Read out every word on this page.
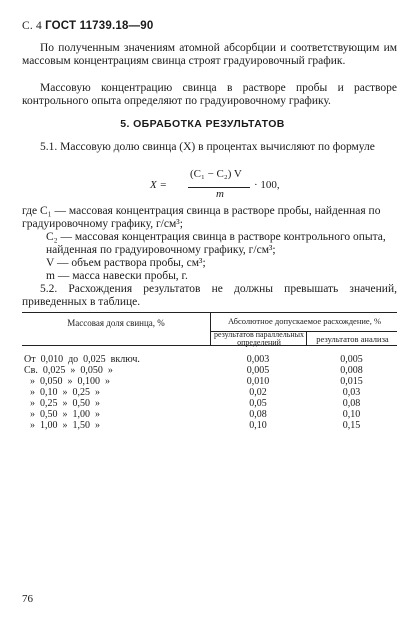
С. 4 ГОСТ 11739.18—90
По полученным значениям атомной абсорбции и соответствующим им массовым концентрациям свинца строят градуировочный график.
Массовую концентрацию свинца в растворе пробы и растворе контрольного опыта определяют по градуировочному графику.
5. ОБРАБОТКА РЕЗУЛЬТАТОВ
5.1. Массовую долю свинца (X) в процентах вычисляют по формуле
X =
(C₁ − C₂) V
m
· 100,
где C₁ — массовая концентрация свинца в растворе пробы, найденная по градуировочному графику, г/см³;
C₂ — массовая концентрация свинца в растворе контрольного опыта, найденная по градуировочному графику, г/см³;
V — объем раствора пробы, см³;
m — масса навески пробы, г.
5.2. Расхождения результатов не должны превышать значений, приведенных в таблице.
Массовая доля свинца, %	Абсолютное допускаемое расхождение, %
результатов параллельных определений	результатов анализа
От  0,010  до  0,025  включ.	0,003	0,005
Св.  0,025  »  0,050  »	0,005	0,008
»  0,050  »  0,100  »	0,010	0,015
»  0,10  »  0,25  »	0,02	0,03
»  0,25  »  0,50  »	0,05	0,08
»  0,50  »  1,00  »	0,08	0,10
»  1,00  »  1,50  »	0,10	0,15
76
